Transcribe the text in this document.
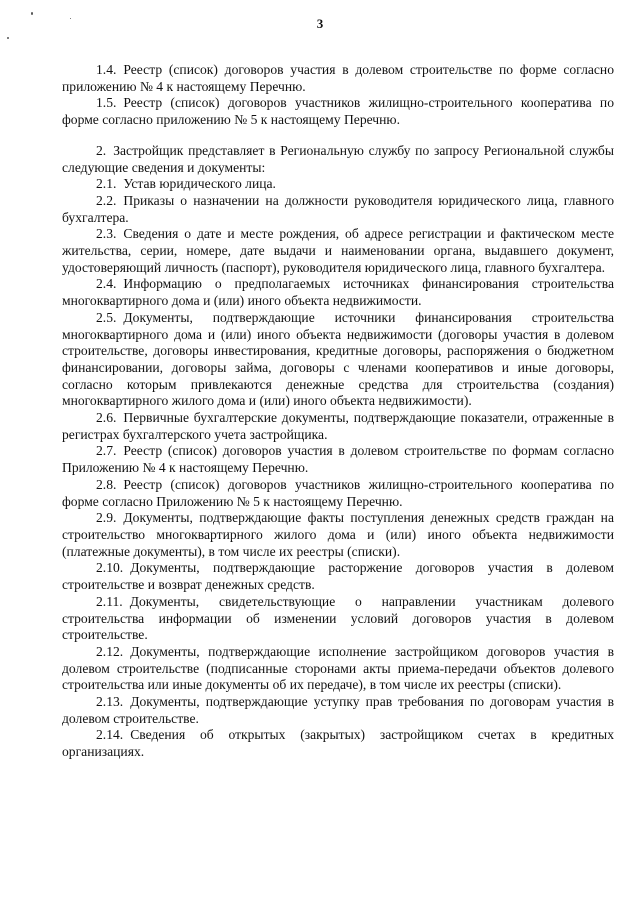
3

1.4. Реестр (список) договоров участия в долевом строительстве по форме согласно приложению № 4 к настоящему Перечню.

1.5. Реестр (список) договоров участников жилищно-строительного кооператива по форме согласно приложению № 5 к настоящему Перечню.

2. Застройщик представляет в Региональную службу по запросу Региональной службы следующие сведения и документы:

2.1. Устав юридического лица.

2.2. Приказы о назначении на должности руководителя юридического лица, главного бухгалтера.

2.3. Сведения о дате и месте рождения, об адресе регистрации и фактическом месте жительства, серии, номере, дате выдачи и наименовании органа, выдавшего документ, удостоверяющий личность (паспорт), руководителя юридического лица, главного бухгалтера.

2.4. Информацию о предполагаемых источниках финансирования строительства многоквартирного дома и (или) иного объекта недвижимости.

2.5. Документы, подтверждающие источники финансирования строительства многоквартирного дома и (или) иного объекта недвижимости (договоры участия в долевом строительстве, договоры инвестирования, кредитные договоры, распоряжения о бюджетном финансировании, договоры займа, договоры с членами кооперативов и иные договоры, согласно которым привлекаются денежные средства для строительства (создания) многоквартирного жилого дома и (или) иного объекта недвижимости).

2.6. Первичные бухгалтерские документы, подтверждающие показатели, отраженные в регистрах бухгалтерского учета застройщика.

2.7. Реестр (список) договоров участия в долевом строительстве по формам согласно Приложению № 4 к настоящему Перечню.

2.8. Реестр (список) договоров участников жилищно-строительного кооператива по форме согласно Приложению № 5 к настоящему Перечню.

2.9. Документы, подтверждающие факты поступления денежных средств граждан на строительство многоквартирного жилого дома и (или) иного объекта недвижимости (платежные документы), в том числе их реестры (списки).

2.10. Документы, подтверждающие расторжение договоров участия в долевом строительстве и возврат денежных средств.

2.11. Документы, свидетельствующие о направлении участникам долевого строительства информации об изменении условий договоров участия в долевом строительстве.

2.12. Документы, подтверждающие исполнение застройщиком договоров участия в долевом строительстве (подписанные сторонами акты приема-передачи объектов долевого строительства или иные документы об их передаче), в том числе их реестры (списки).

2.13. Документы, подтверждающие уступку прав требования по договорам участия в долевом строительстве.

2.14. Сведения об открытых (закрытых) застройщиком счетах в кредитных организациях.
